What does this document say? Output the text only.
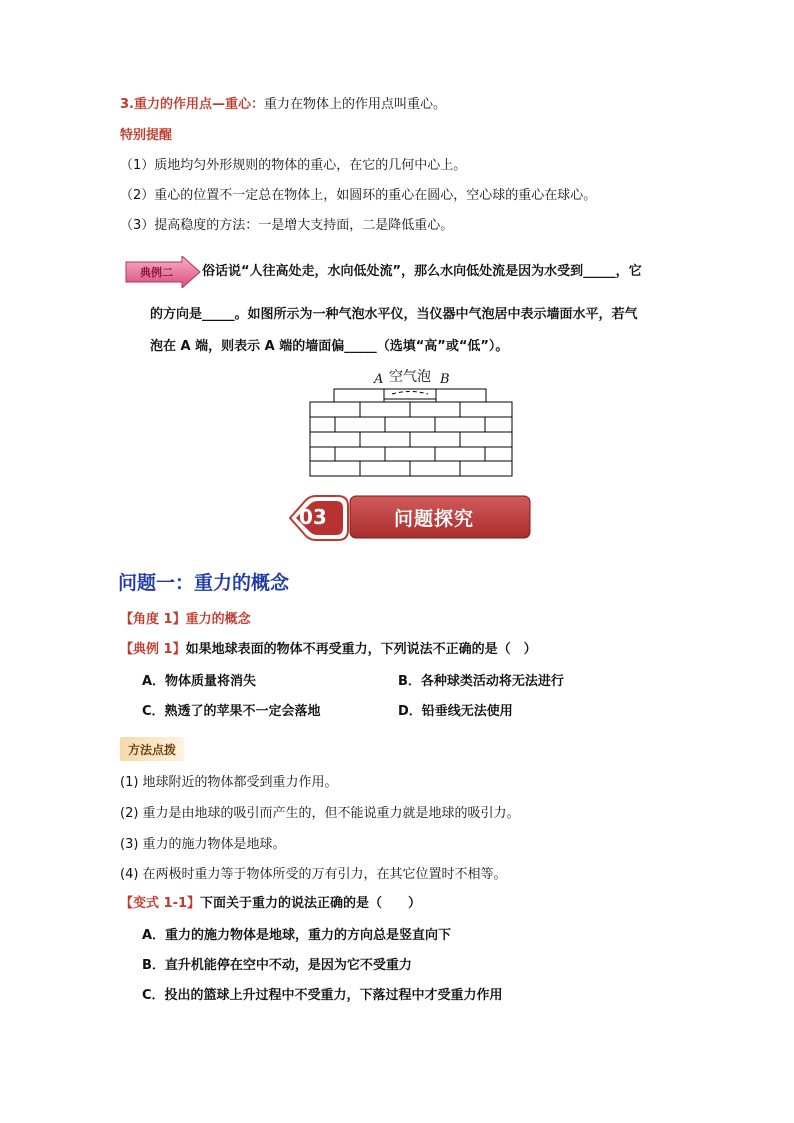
3.重力的作用点—重心：重力在物体上的作用点叫重心。
特别提醒
（1）质地均匀外形规则的物体的重心，在它的几何中心上。
（2）重心的位置不一定总在物体上，如圆环的重心在圆心，空心球的重心在球心。
（3）提高稳度的方法：一是增大支持面，二是降低重心。
典例二 俗话说“人往高处走，水向低处流”，那么水向低处流是因为水受到_____，它
的方向是_____。如图所示为一种气泡水平仪，当仪器中气泡居中表示墙面水平，若气
泡在 A 端，则表示 A 端的墙面偏_____（选填“高”或“低”）。
A 空气泡 B
03	问题探究
问题一：重力的概念
【角度 1】重力的概念
【典例 1】如果地球表面的物体不再受重力，下列说法不正确的是（　）
A．物体质量将消失	B．各种球类活动将无法进行
C．熟透了的苹果不一定会落地	D．铅垂线无法使用
方法点拨
(1) 地球附近的物体都受到重力作用。
(2) 重力是由地球的吸引而产生的，但不能说重力就是地球的吸引力。
(3) 重力的施力物体是地球。
(4) 在两极时重力等于物体所受的万有引力，在其它位置时不相等。
【变式 1-1】下面关于重力的说法正确的是（　　）
A．重力的施力物体是地球，重力的方向总是竖直向下
B．直升机能停在空中不动，是因为它不受重力
C．投出的篮球上升过程中不受重力，下落过程中才受重力作用
